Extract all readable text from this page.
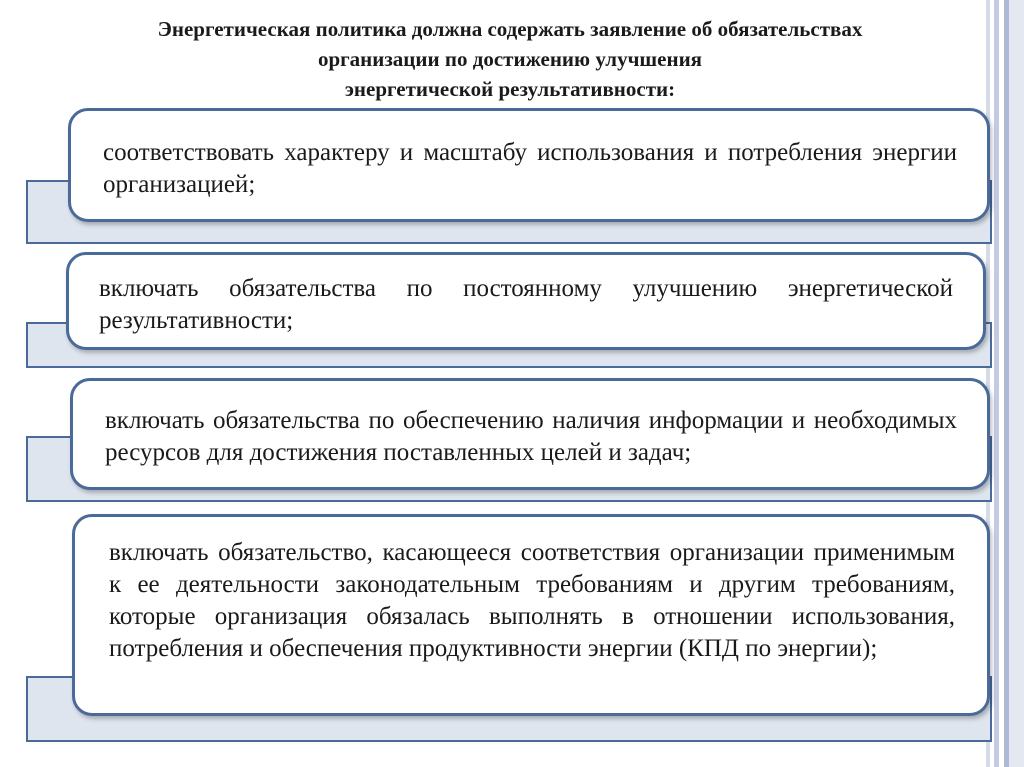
Энергетическая политика должна содержать заявление об обязательствах
организации по достижению улучшения
энергетической результативности:
соответствовать характеру и масштабу использования и потребления энергии организацией;
включать обязательства по постоянному улучшению энергетической результативности;
включать обязательства по обеспечению наличия информации и необходимых ресурсов для достижения поставленных целей и задач;
включать обязательство, касающееся соответствия организации применимым к ее деятельности законодательным требованиям и другим требованиям, которые организация обязалась выполнять в отношении использования, потребления и обеспечения продуктивности энергии (КПД по энергии);
